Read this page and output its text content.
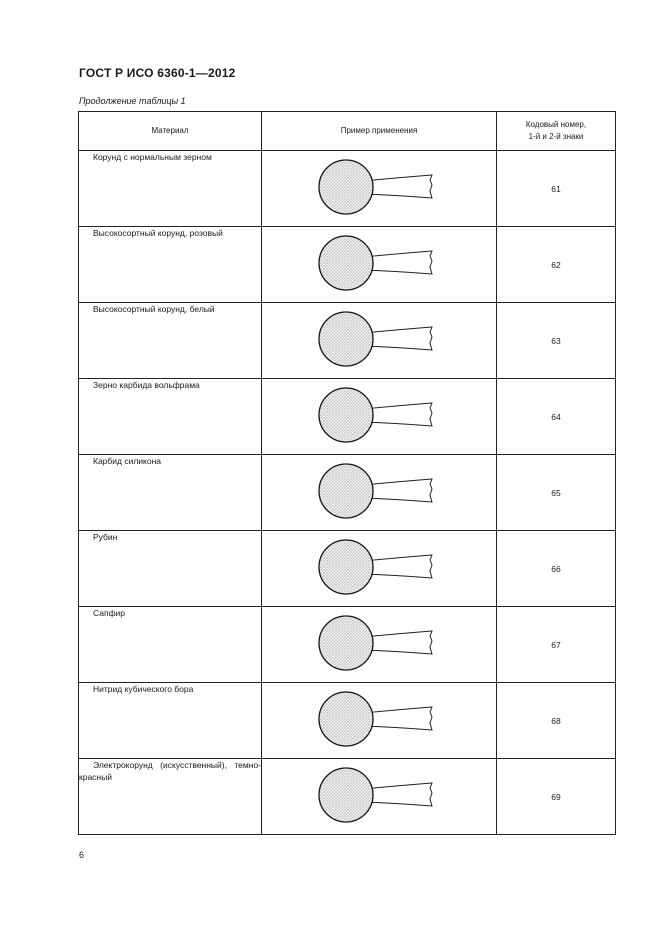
ГОСТ Р ИСО 6360-1—2012
Продолжение таблицы 1
Материал	Пример применения	Кодовый номер,
1-й и 2-й знаки
Корунд с нормальным зерном		61
Высокосортный корунд, розовый		62
Высокосортный корунд, белый		63
Зерно карбида вольфрама		64
Карбид силикона		65
Рубин		66
Сапфир		67
Нитрид кубического бора		68
Электрокорунд (искусственный), темно-красный		69
6
